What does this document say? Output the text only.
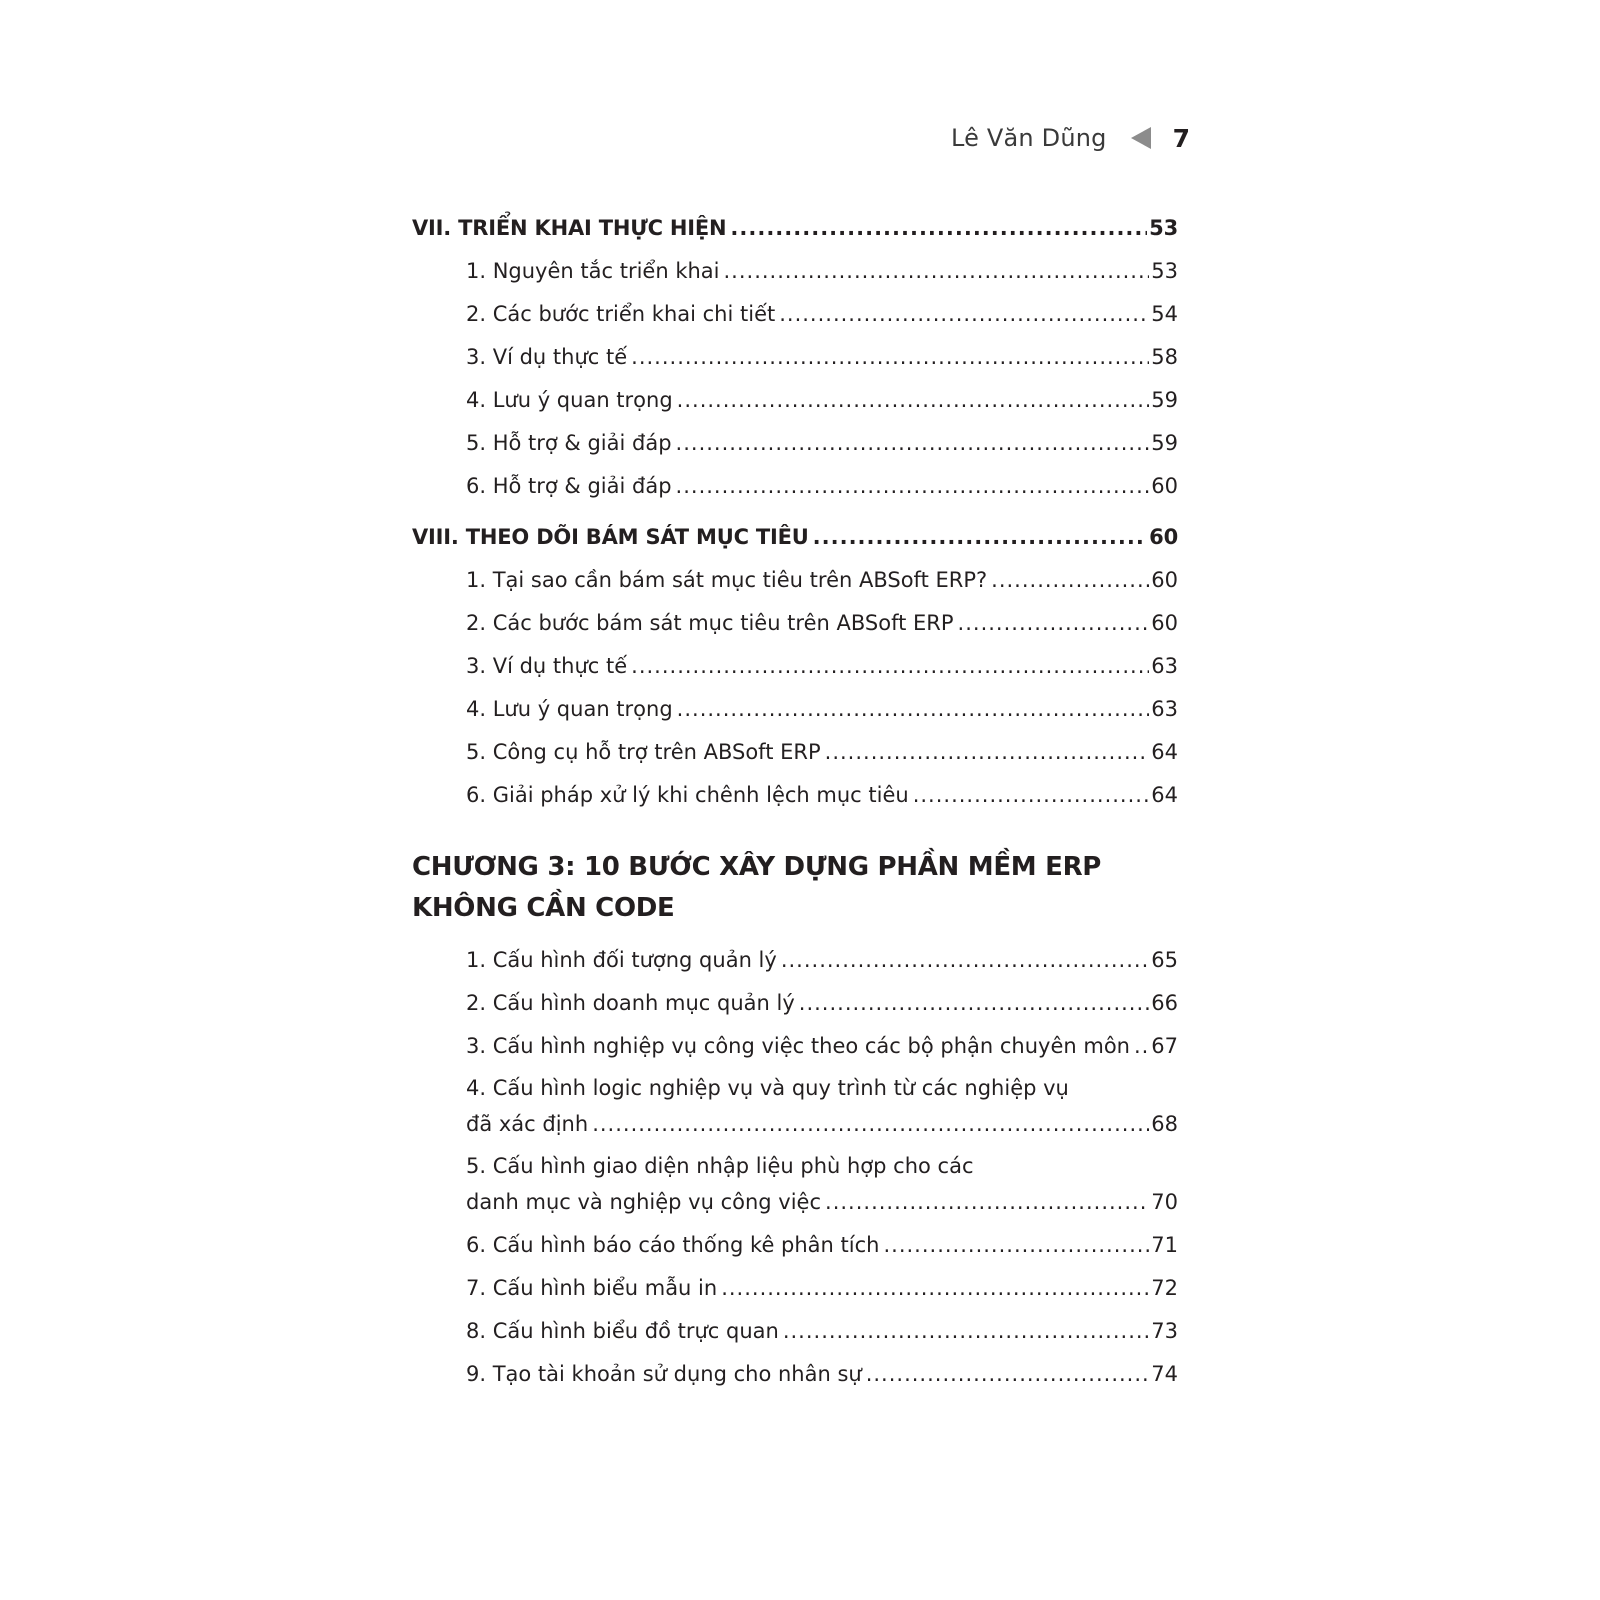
Lê Văn Dũng	7
VII. TRIỂN KHAI THỰC HIỆN .....	53
1. Nguyên tắc triển khai .....	53
2. Các bước triển khai chi tiết .....	54
3. Ví dụ thực tế .....	58
4. Lưu ý quan trọng .....	59
5. Hỗ trợ & giải đáp .....	59
6. Hỗ trợ & giải đáp .....	60
VIII. THEO DÕI BÁM SÁT MỤC TIÊU .....	60
1. Tại sao cần bám sát mục tiêu trên ABSoft ERP? .....	60
2. Các bước bám sát mục tiêu trên ABSoft ERP .....	60
3. Ví dụ thực tế .....	63
4. Lưu ý quan trọng .....	63
5. Công cụ hỗ trợ trên ABSoft ERP .....	64
6. Giải pháp xử lý khi chênh lệch mục tiêu .....	64
CHƯƠNG 3: 10 BƯỚC XÂY DỰNG PHẦN MỀM ERP
KHÔNG CẦN CODE
1. Cấu hình đối tượng quản lý .....	65
2. Cấu hình doanh mục quản lý .....	66
3. Cấu hình nghiệp vụ công việc theo các bộ phận chuyên môn ..... 67
4. Cấu hình logic nghiệp vụ và quy trình từ các nghiệp vụ
đã xác định .....	68
5. Cấu hình giao diện nhập liệu phù hợp cho các
danh mục và nghiệp vụ công việc .....	70
6. Cấu hình báo cáo thống kê phân tích .....	71
7. Cấu hình biểu mẫu in .....	72
8. Cấu hình biểu đồ trực quan .....	73
9. Tạo tài khoản sử dụng cho nhân sự .....	74
